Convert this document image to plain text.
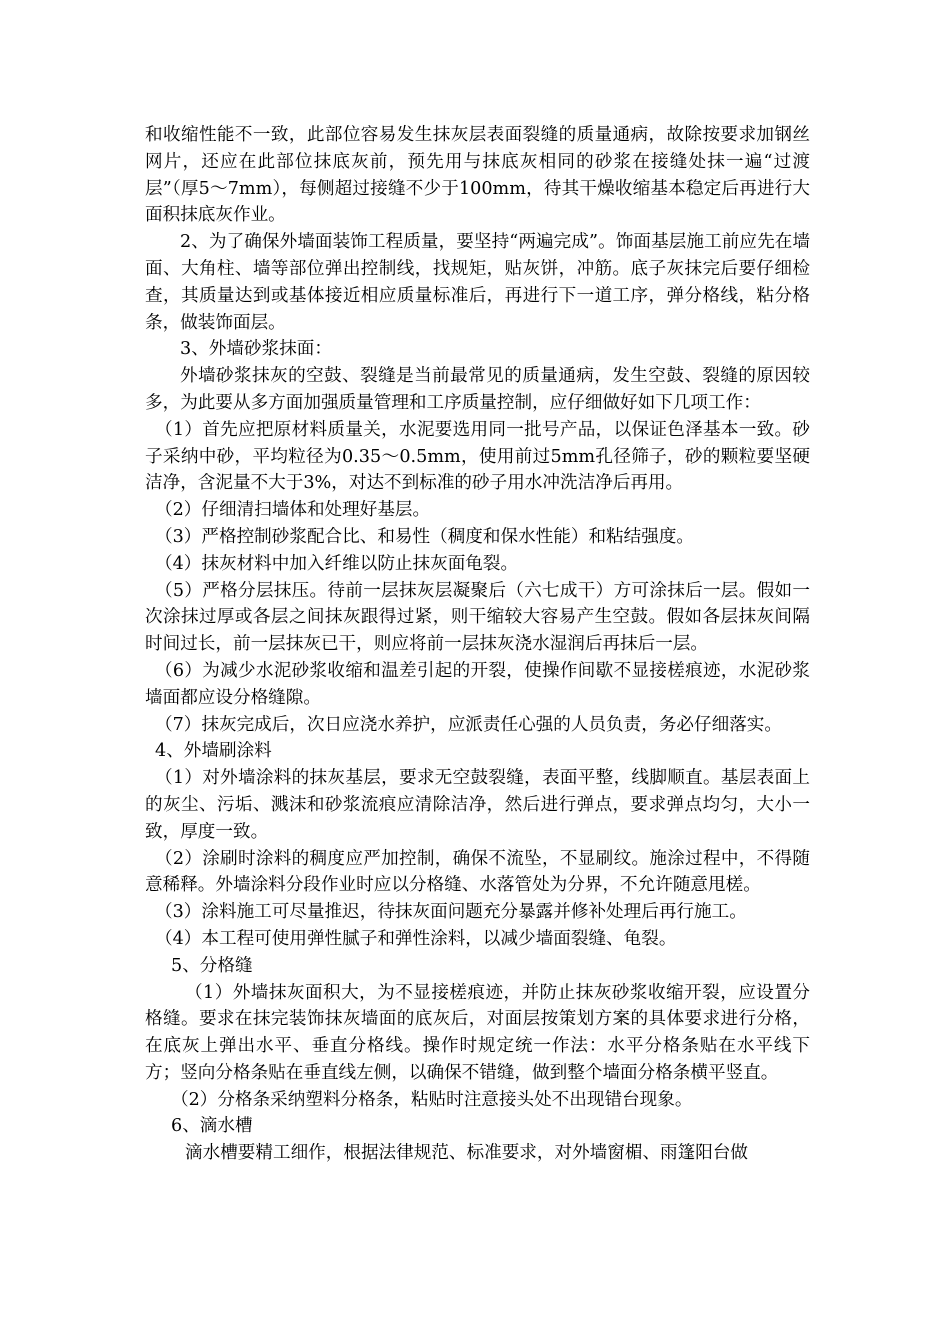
和收缩性能不一致，此部位容易发生抹灰层表面裂缝的质量通病，故除按要求加钢丝网片，还应在此部位抹底灰前，预先用与抹底灰相同的砂浆在接缝处抹一遍“过渡层”（厚5～7mm），每侧超过接缝不少于100mm，待其干燥收缩基本稳定后再进行大面积抹底灰作业。

2、为了确保外墙面装饰工程质量，要坚持“两遍完成”。饰面基层施工前应先在墙面、大角柱、墙等部位弹出控制线，找规矩，贴灰饼，冲筋。底子灰抹完后要仔细检查，其质量达到或基体接近相应质量标准后，再进行下一道工序，弹分格线，粘分格条，做装饰面层。

3、外墙砂浆抹面：

外墙砂浆抹灰的空鼓、裂缝是当前最常见的质量通病，发生空鼓、裂缝的原因较多，为此要从多方面加强质量管理和工序质量控制，应仔细做好如下几项工作：

（1）首先应把原材料质量关，水泥要选用同一批号产品，以保证色泽基本一致。砂子采纳中砂，平均粒径为0.35～0.5mm，使用前过5mm孔径筛子，砂的颗粒要坚硬洁净，含泥量不大于3%，对达不到标准的砂子用水冲洗洁净后再用。

（2）仔细清扫墙体和处理好基层。

（3）严格控制砂浆配合比、和易性（稠度和保水性能）和粘结强度。

（4）抹灰材料中加入纤维以防止抹灰面龟裂。

（5）严格分层抹压。待前一层抹灰层凝聚后（六七成干）方可涂抹后一层。假如一次涂抹过厚或各层之间抹灰跟得过紧，则干缩较大容易产生空鼓。假如各层抹灰间隔时间过长，前一层抹灰已干，则应将前一层抹灰浇水湿润后再抹后一层。

（6）为减少水泥砂浆收缩和温差引起的开裂，使操作间歇不显接槎痕迹，水泥砂浆墙面都应设分格缝隙。

（7）抹灰完成后，次日应浇水养护，应派责任心强的人员负责，务必仔细落实。

4、外墙刷涂料

（1）对外墙涂料的抹灰基层，要求无空鼓裂缝，表面平整，线脚顺直。基层表面上的灰尘、污垢、溅沫和砂浆流痕应清除洁净，然后进行弹点，要求弹点均匀，大小一致，厚度一致。

（2）涂刷时涂料的稠度应严加控制，确保不流坠，不显刷纹。施涂过程中，不得随意稀释。外墙涂料分段作业时应以分格缝、水落管处为分界，不允许随意甩槎。

（3）涂料施工可尽量推迟，待抹灰面问题充分暴露并修补处理后再行施工。

（4）本工程可使用弹性腻子和弹性涂料，以减少墙面裂缝、龟裂。

5、分格缝

（1）外墙抹灰面积大，为不显接槎痕迹，并防止抹灰砂浆收缩开裂，应设置分格缝。要求在抹完装饰抹灰墙面的底灰后，对面层按策划方案的具体要求进行分格，在底灰上弹出水平、垂直分格线。操作时规定统一作法：水平分格条贴在水平线下方；竖向分格条贴在垂直线左侧，以确保不错缝，做到整个墙面分格条横平竖直。

（2）分格条采纳塑料分格条，粘贴时注意接头处不出现错台现象。

6、滴水槽

滴水槽要精工细作，根据法律规范、标准要求，对外墙窗楣、雨篷阳台做
